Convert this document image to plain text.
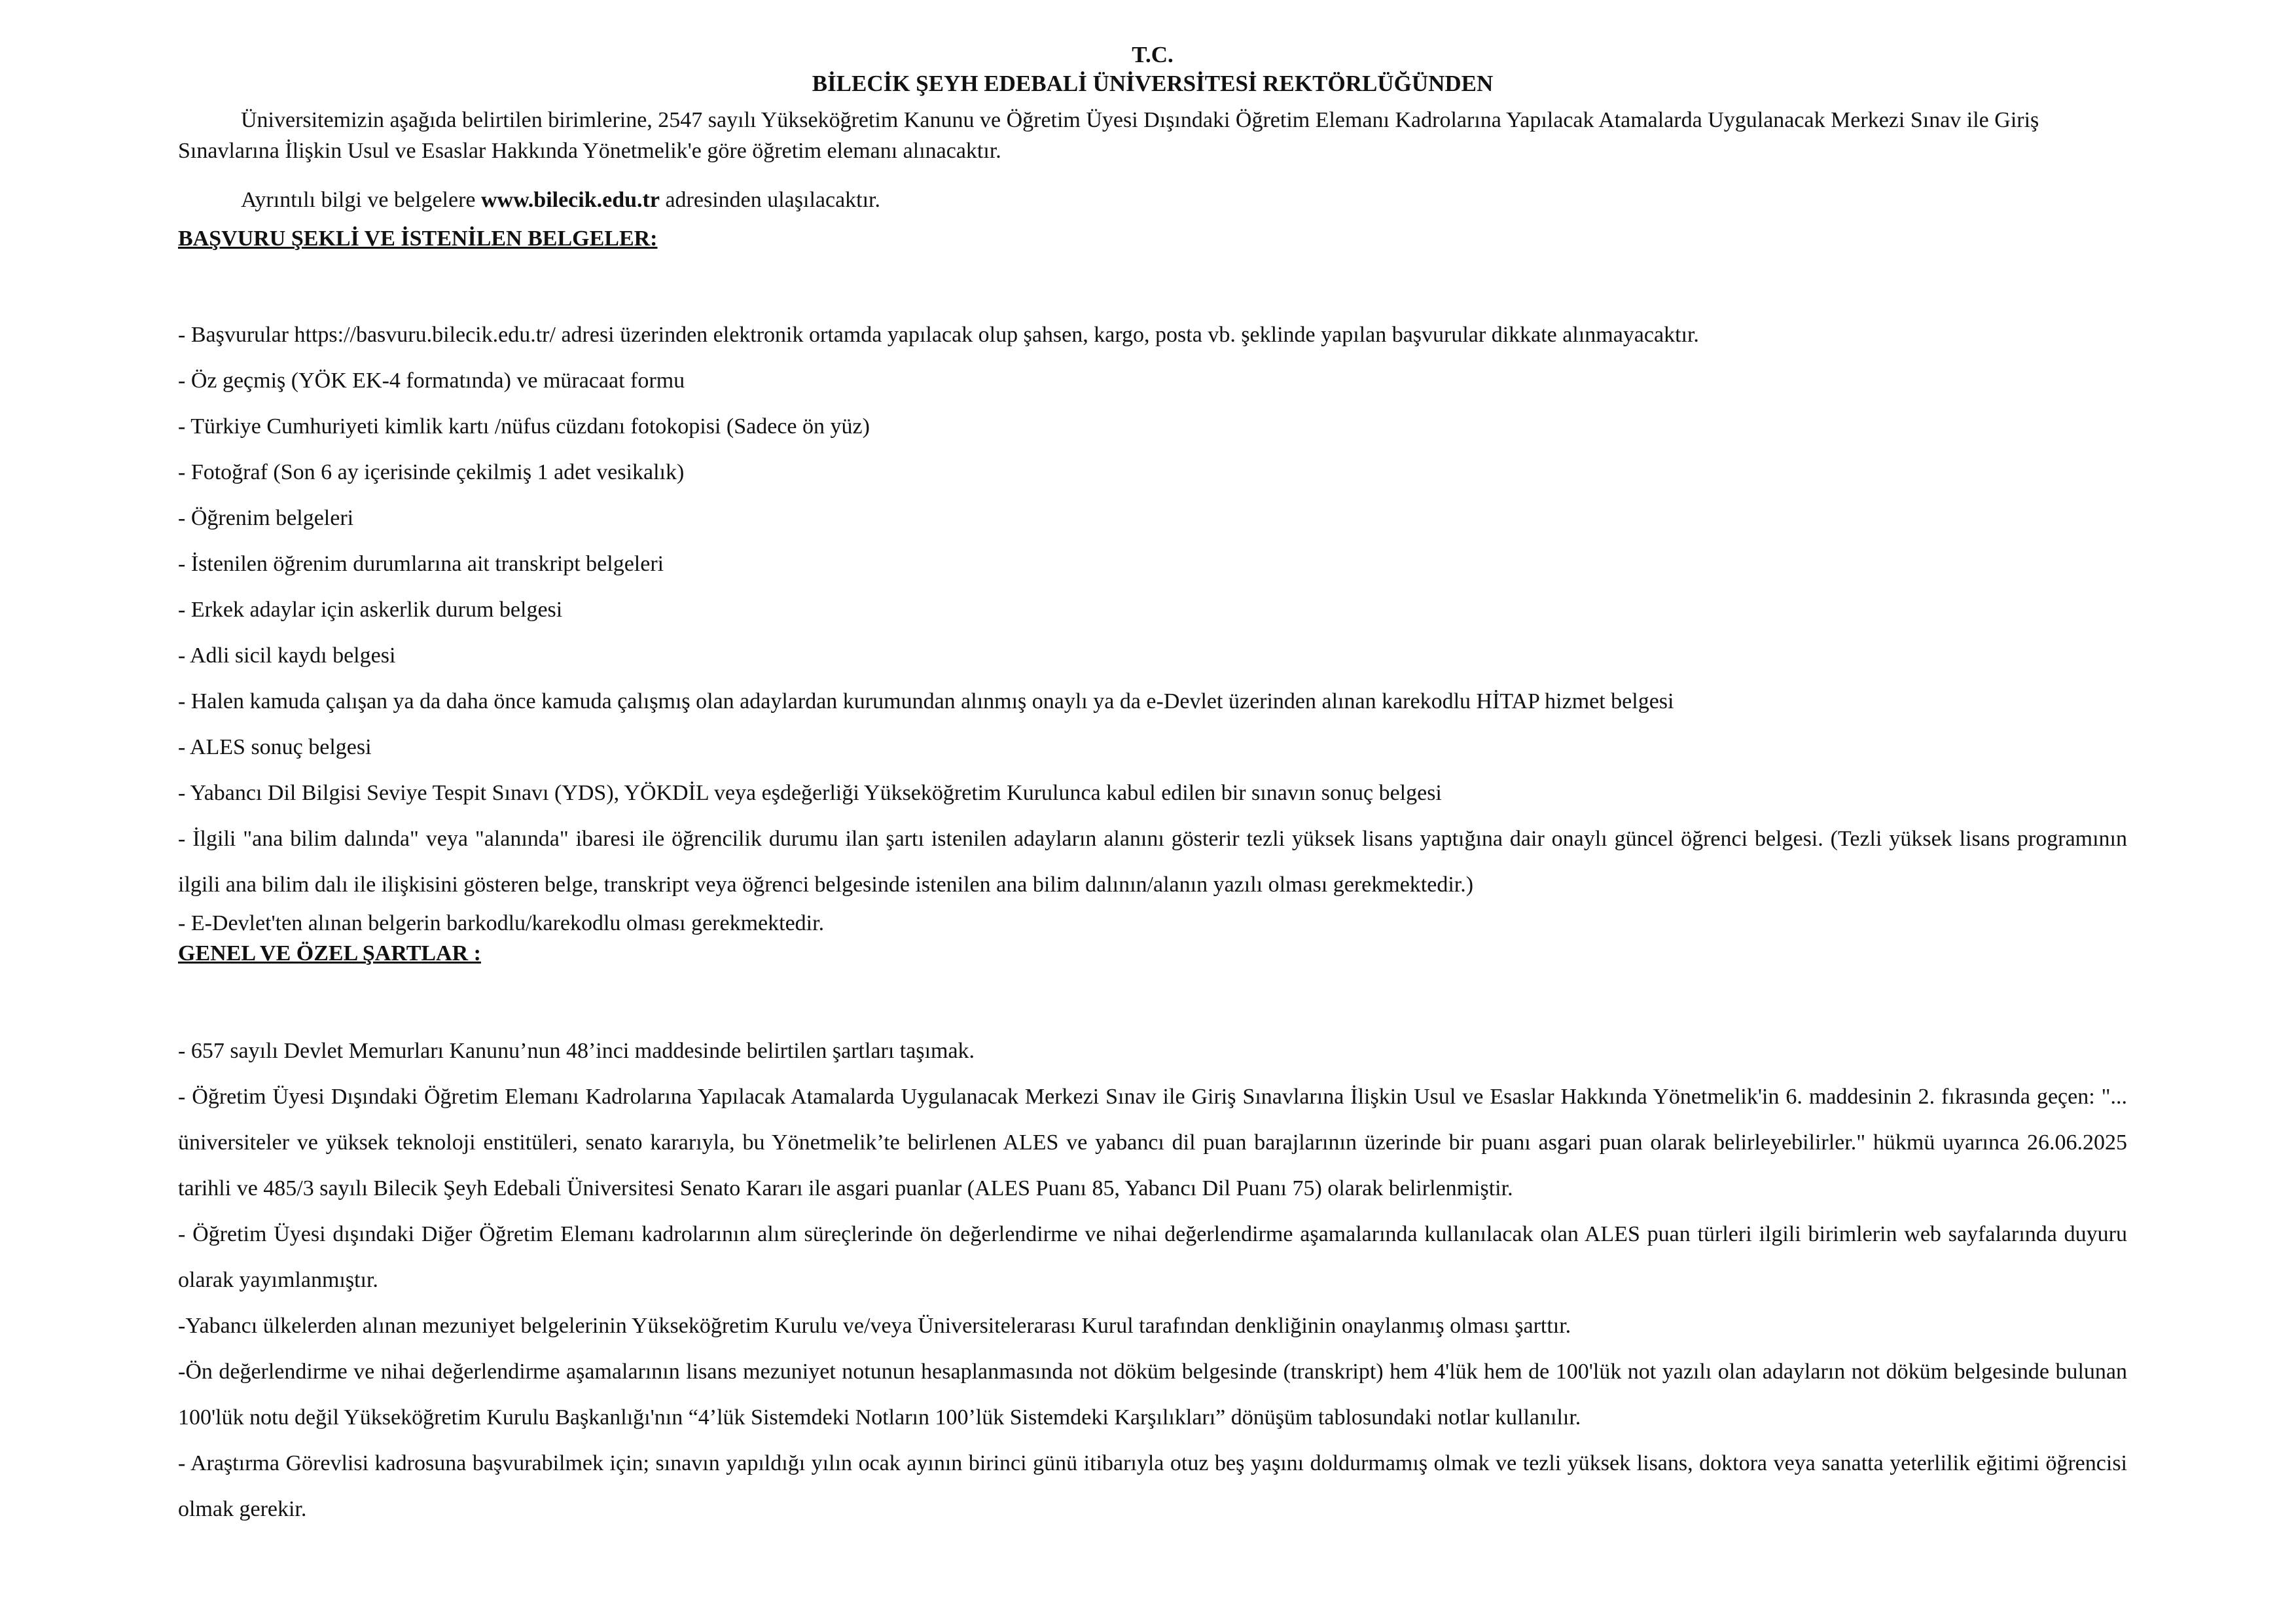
T.C.
BİLECİK ŞEYH EDEBALİ ÜNİVERSİTESİ REKTÖRLÜĞÜNDEN

Üniversitemizin aşağıda belirtilen birimlerine, 2547 sayılı Yükseköğretim Kanunu ve Öğretim Üyesi Dışındaki Öğretim Elemanı Kadrolarına Yapılacak Atamalarda Uygulanacak Merkezi Sınav ile Giriş Sınavlarına İlişkin Usul ve Esaslar Hakkında Yönetmelik'e göre öğretim elemanı alınacaktır.

Ayrıntılı bilgi ve belgelere www.bilecik.edu.tr adresinden ulaşılacaktır.

BAŞVURU ŞEKLİ VE İSTENİLEN BELGELER:

- Başvurular https://basvuru.bilecik.edu.tr/ adresi üzerinden elektronik ortamda yapılacak olup şahsen, kargo, posta vb. şeklinde yapılan başvurular dikkate alınmayacaktır.

- Öz geçmiş (YÖK EK-4 formatında) ve müracaat formu

- Türkiye Cumhuriyeti kimlik kartı /nüfus cüzdanı fotokopisi (Sadece ön yüz)

- Fotoğraf (Son 6 ay içerisinde çekilmiş 1 adet vesikalık)

- Öğrenim belgeleri

- İstenilen öğrenim durumlarına ait transkript belgeleri

- Erkek adaylar için askerlik durum belgesi

- Adli sicil kaydı belgesi

- Halen kamuda çalışan ya da daha önce kamuda çalışmış olan adaylardan kurumundan alınmış onaylı ya da e-Devlet üzerinden alınan karekodlu HİTAP hizmet belgesi

- ALES sonuç belgesi

- Yabancı Dil Bilgisi Seviye Tespit Sınavı (YDS), YÖKDİL veya eşdeğerliği Yükseköğretim Kurulunca kabul edilen bir sınavın sonuç belgesi

- İlgili "ana bilim dalında" veya "alanında" ibaresi ile öğrencilik durumu ilan şartı istenilen adayların alanını gösterir tezli yüksek lisans yaptığına dair onaylı güncel öğrenci belgesi. (Tezli yüksek lisans programının ilgili ana bilim dalı ile ilişkisini gösteren belge, transkript veya öğrenci belgesinde istenilen ana bilim dalının/alanın yazılı olması gerekmektedir.)

- E-Devlet'ten alınan belgerin barkodlu/karekodlu olması gerekmektedir.

GENEL VE ÖZEL ŞARTLAR :

- 657 sayılı Devlet Memurları Kanunu’nun 48’inci maddesinde belirtilen şartları taşımak.

- Öğretim Üyesi Dışındaki Öğretim Elemanı Kadrolarına Yapılacak Atamalarda Uygulanacak Merkezi Sınav ile Giriş Sınavlarına İlişkin Usul ve Esaslar Hakkında Yönetmelik'in 6. maddesinin 2. fıkrasında geçen: "... üniversiteler ve yüksek teknoloji enstitüleri, senato kararıyla, bu Yönetmelik’te belirlenen ALES ve yabancı dil puan barajlarının üzerinde bir puanı asgari puan olarak belirleyebilirler." hükmü uyarınca 26.06.2025 tarihli ve 485/3 sayılı Bilecik Şeyh Edebali Üniversitesi Senato Kararı ile asgari puanlar (ALES Puanı 85, Yabancı Dil Puanı 75) olarak belirlenmiştir.

- Öğretim Üyesi dışındaki Diğer Öğretim Elemanı kadrolarının alım süreçlerinde ön değerlendirme ve nihai değerlendirme aşamalarında kullanılacak olan ALES puan türleri ilgili birimlerin web sayfalarında duyuru olarak yayımlanmıştır.

-Yabancı ülkelerden alınan mezuniyet belgelerinin Yükseköğretim Kurulu ve/veya Üniversitelerarası Kurul tarafından denkliğinin onaylanmış olması şarttır.

-Ön değerlendirme ve nihai değerlendirme aşamalarının lisans mezuniyet notunun hesaplanmasında not döküm belgesinde (transkript) hem 4'lük hem de 100'lük not yazılı olan adayların not döküm belgesinde bulunan 100'lük notu değil Yükseköğretim Kurulu Başkanlığı'nın “4’lük Sistemdeki Notların 100’lük Sistemdeki Karşılıkları” dönüşüm tablosundaki notlar kullanılır.

- Araştırma Görevlisi kadrosuna başvurabilmek için; sınavın yapıldığı yılın ocak ayının birinci günü itibarıyla otuz beş yaşını doldurmamış olmak ve tezli yüksek lisans, doktora veya sanatta yeterlilik eğitimi öğrencisi olmak gerekir.
